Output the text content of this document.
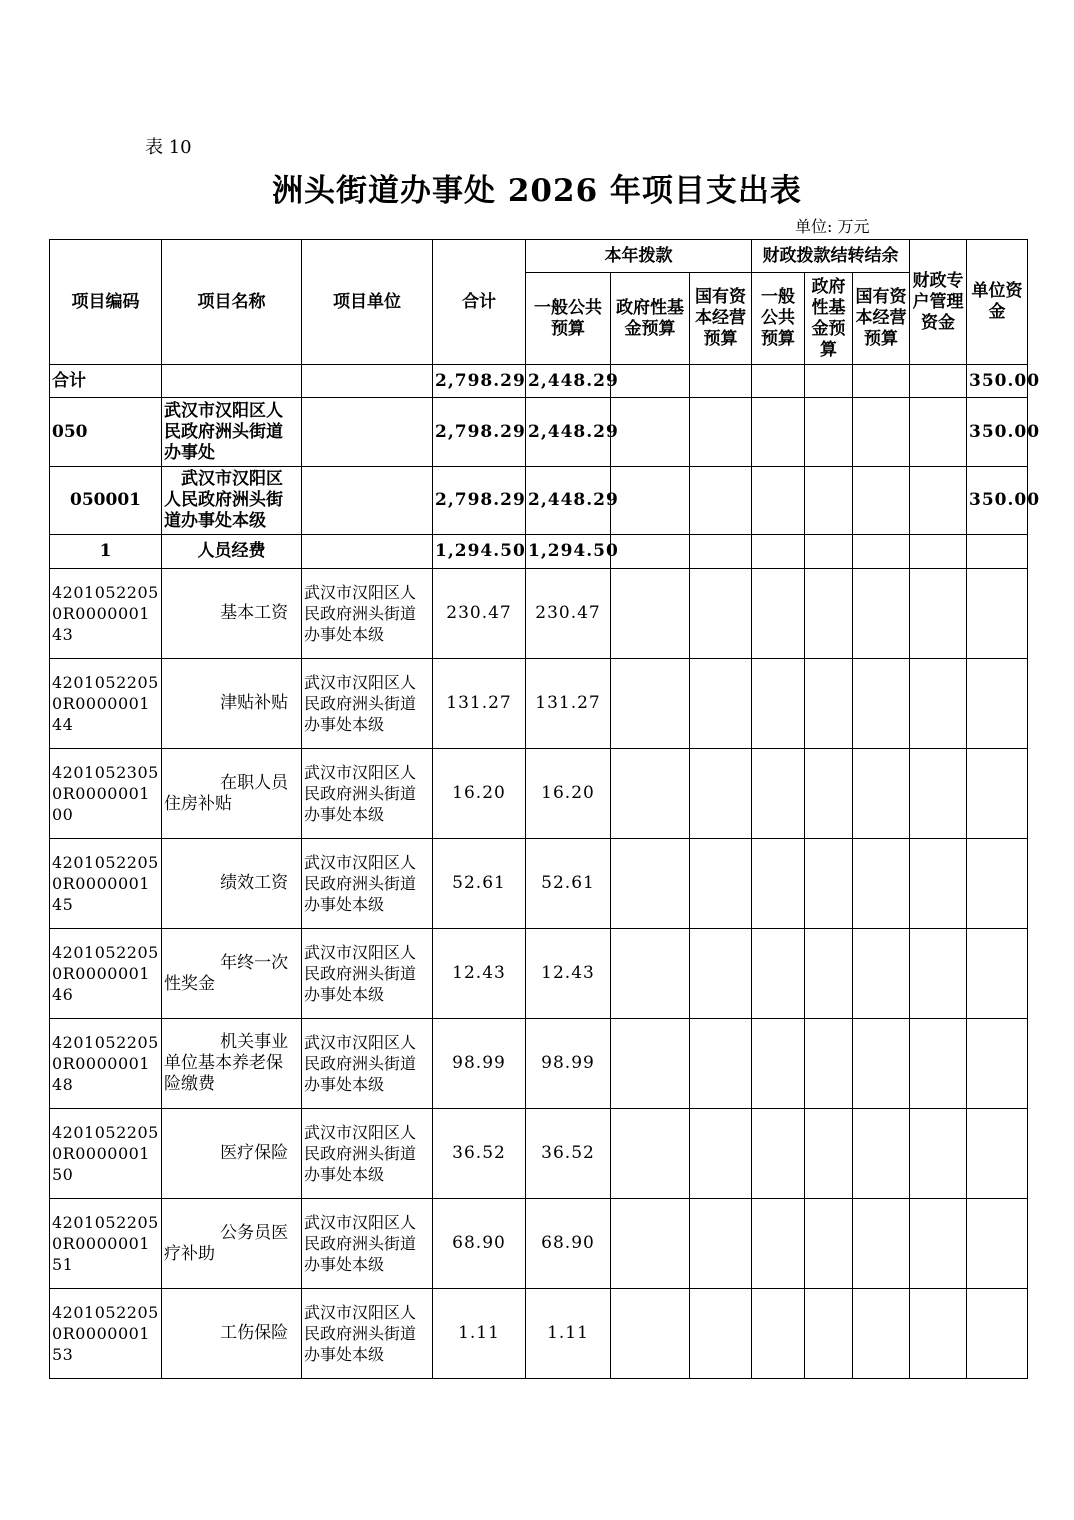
表 10
洲头街道办事处 2026 年项目支出表
单位: 万元
项目编码	项目名称	项目单位	合计	本年拨款			财政拨款结转结余			财政专户管理资金	单位资金
				一般公共预算	政府性基金预算	国有资本经营预算	一般公共预算	政府性基金预算	国有资本经营预算		
合计			2,798.29	2,448.29							350.00
050	武汉市汉阳区人民政府洲头街道办事处		2,798.29	2,448.29							350.00
050001	武汉市汉阳区人民政府洲头街道办事处本级		2,798.29	2,448.29							350.00
1	人员经费		1,294.50	1,294.50							
42010522050R000000143	基本工资	武汉市汉阳区人民政府洲头街道办事处本级	230.47	230.47							
42010522050R000000144	津贴补贴	武汉市汉阳区人民政府洲头街道办事处本级	131.27	131.27							
42010523050R000000100	在职人员住房补贴	武汉市汉阳区人民政府洲头街道办事处本级	16.20	16.20							
42010522050R000000145	绩效工资	武汉市汉阳区人民政府洲头街道办事处本级	52.61	52.61							
42010522050R000000146	年终一次性奖金	武汉市汉阳区人民政府洲头街道办事处本级	12.43	12.43							
42010522050R000000148	机关事业单位基本养老保险缴费	武汉市汉阳区人民政府洲头街道办事处本级	98.99	98.99							
42010522050R000000150	医疗保险	武汉市汉阳区人民政府洲头街道办事处本级	36.52	36.52							
42010522050R000000151	公务员医疗补助	武汉市汉阳区人民政府洲头街道办事处本级	68.90	68.90							
42010522050R000000153	工伤保险	武汉市汉阳区人民政府洲头街道办事处本级	1.11	1.11							
